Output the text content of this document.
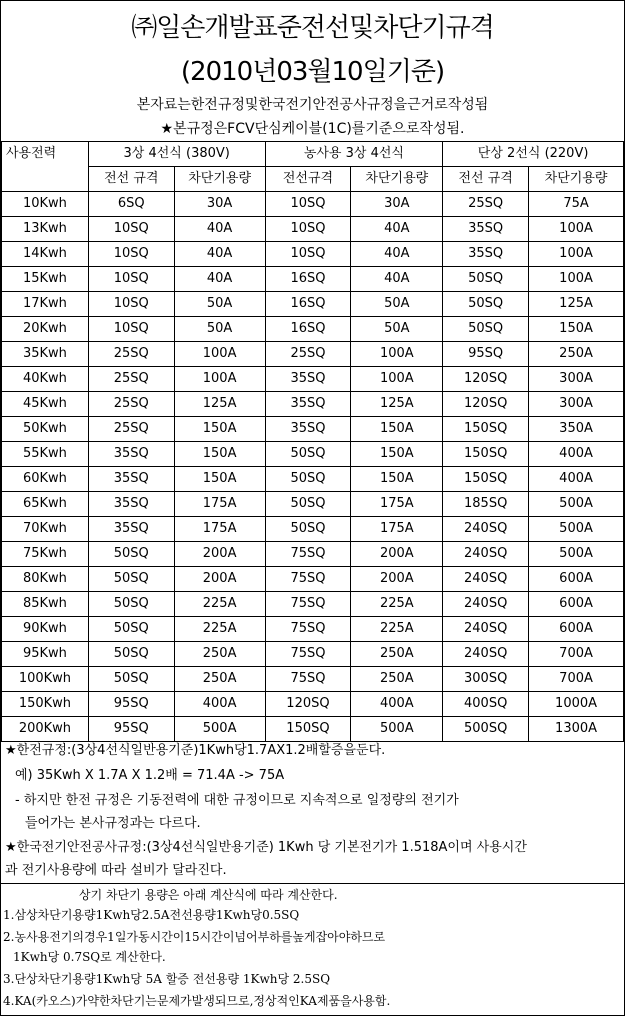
㈜일손개발표준전선및차단기규격
(2010년03월10일기준)
본자료는한전규정및한국전기안전공사규정을근거로작성됨
★본규정은FCV단심케이블(1C)를기준으로작성됨.
사용전력	3상 4선식 (380V)		농사용 3상 4선식		단상 2선식 (220V)	
	전선 규격	차단기용량	전선규격	차단기용량	전선 규격	차단기용량
10Kwh	6SQ	30A	10SQ	30A	25SQ	75A
13Kwh	10SQ	40A	10SQ	40A	35SQ	100A
14Kwh	10SQ	40A	10SQ	40A	35SQ	100A
15Kwh	10SQ	40A	16SQ	40A	50SQ	100A
17Kwh	10SQ	50A	16SQ	50A	50SQ	125A
20Kwh	10SQ	50A	16SQ	50A	50SQ	150A
35Kwh	25SQ	100A	25SQ	100A	95SQ	250A
40Kwh	25SQ	100A	35SQ	100A	120SQ	300A
45Kwh	25SQ	125A	35SQ	125A	120SQ	300A
50Kwh	25SQ	150A	35SQ	150A	150SQ	350A
55Kwh	35SQ	150A	50SQ	150A	150SQ	400A
60Kwh	35SQ	150A	50SQ	150A	150SQ	400A
65Kwh	35SQ	175A	50SQ	175A	185SQ	500A
70Kwh	35SQ	175A	50SQ	175A	240SQ	500A
75Kwh	50SQ	200A	75SQ	200A	240SQ	500A
80Kwh	50SQ	200A	75SQ	200A	240SQ	600A
85Kwh	50SQ	225A	75SQ	225A	240SQ	600A
90Kwh	50SQ	225A	75SQ	225A	240SQ	600A
95Kwh	50SQ	250A	75SQ	250A	240SQ	700A
100Kwh	50SQ	250A	75SQ	250A	300SQ	700A
150Kwh	95SQ	400A	120SQ	400A	400SQ	1000A
200Kwh	95SQ	500A	150SQ	500A	500SQ	1300A
★한전규정:(3상4선식일반용기준)1Kwh당1.7AX1.2배할증을둔다.
예) 35Kwh X 1.7A X 1.2배 = 71.4A -> 75A
- 하지만 한전 규정은 기동전력에 대한 규정이므로 지속적으로 일정량의 전기가
들어가는 본사규정과는 다르다.
★한국전기안전공사규정:(3상4선식일반용기준) 1Kwh 당 기본전기가 1.518A이며 사용시간
과 전기사용량에 따라 설비가 달라진다.
상기 차단기 용량은 아래 계산식에 따라 계산한다.
1.삼상차단기용량1Kwh당2.5A전선용량1Kwh당0.5SQ
2.농사용전기의경우1일가동시간이15시간이넘어부하를높게잡아야하므로
1Kwh당 0.7SQ로 계산한다.
3.단상차단기용량1Kwh당 5A 할증 전선용량 1Kwh당 2.5SQ
4.KA(카오스)가약한차단기는문제가발생되므로,정상적인KA제품을사용함.
